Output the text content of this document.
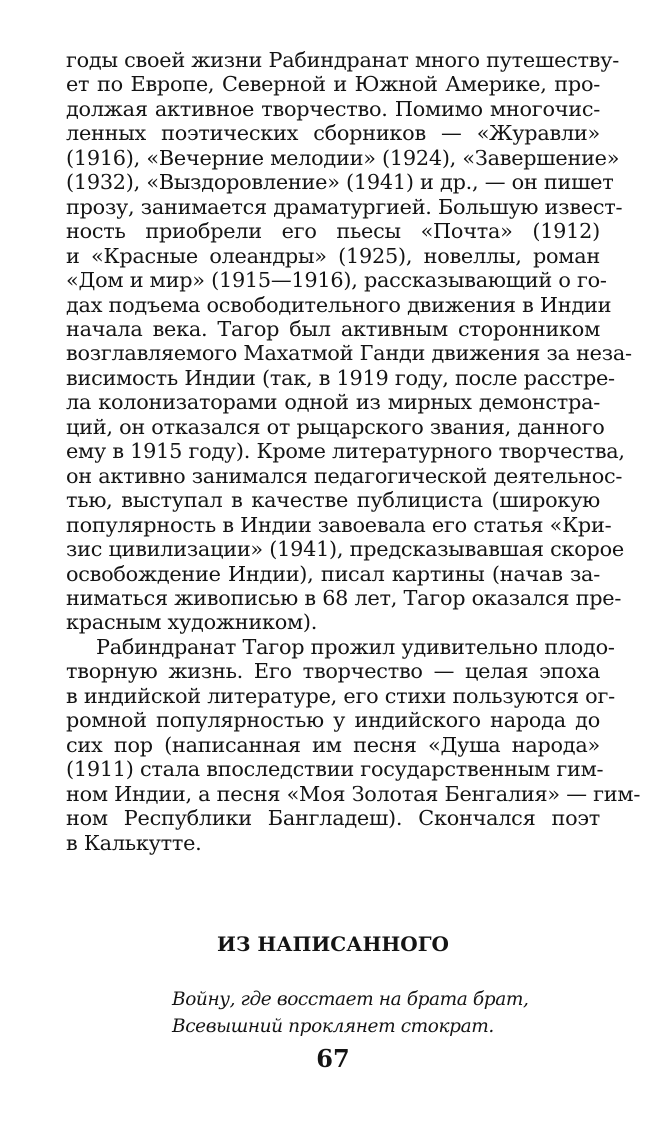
годы своей жизни Рабиндранат много путешеству-
ет по Европе, Северной и Южной Америке, про-
должая активное творчество. Помимо многочис-
ленных поэтических сборников — «Журавли»
(1916), «Вечерние мелодии» (1924), «Завершение»
(1932), «Выздоровление» (1941) и др., — он пишет
прозу, занимается драматургией. Большую извест-
ность приобрели его пьесы «Почта» (1912)
и «Красные олеандры» (1925), новеллы, роман
«Дом и мир» (1915—1916), рассказывающий о го-
дах подъема освободительного движения в Индии
начала века. Тагор был активным сторонником
возглавляемого Махатмой Ганди движения за неза-
висимость Индии (так, в 1919 году, после расстре-
ла колонизаторами одной из мирных демонстра-
ций, он отказался от рыцарского звания, данного
ему в 1915 году). Кроме литературного творчества,
он активно занимался педагогической деятельнос-
тью, выступал в качестве публициста (широкую
популярность в Индии завоевала его статья «Кри-
зис цивилизации» (1941), предсказывавшая скорое
освобождение Индии), писал картины (начав за-
ниматься живописью в 68 лет, Тагор оказался пре-
красным художником).

Рабиндранат Тагор прожил удивительно плодо-
творную жизнь. Его творчество — целая эпоха
в индийской литературе, его стихи пользуются ог-
ромной популярностью у индийского народа до
сих пор (написанная им песня «Душа народа»
(1911) стала впоследствии государственным гим-
ном Индии, а песня «Моя Золотая Бенгалия» — гим-
ном Республики Бангладеш). Скончался поэт
в Калькутте.

ИЗ НАПИСАННОГО
Войну, где восстает на брата брат,
Всевышний проклянет стократ.
67
